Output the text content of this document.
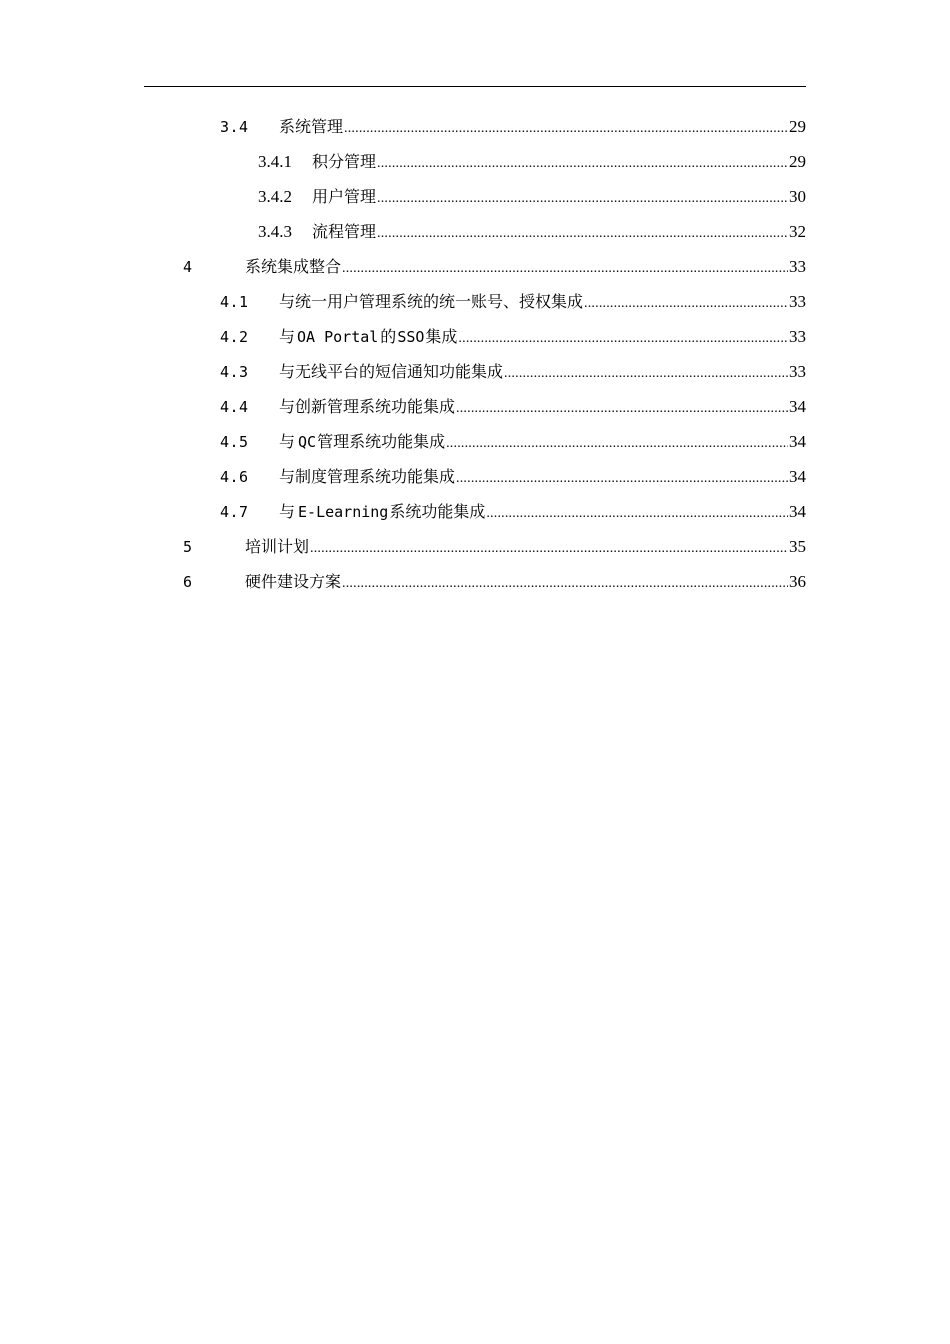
3.4 系统管理 .....	29
3.4.1 积分管理 .....	29
3.4.2 用户管理 .....	30
3.4.3 流程管理 .....	32
4	系统集成整合 .....	33
4.1 与统一用户管理系统的统一账号、授权集成 .....	33
4.2 与 OA Portal 的SSO集成 .....	33
4.3 与无线平台的短信通知功能集成 .....	33
4.4 与创新管理系统功能集成 .....	34
4.5 与 QC管理系统功能集成 .....	34
4.6 与制度管理系统功能集成 .....	34
4.7 与 E-Learning系统功能集成 .....	34
5	培训计划 .....	35
6	硬件建设方案 .....	36
